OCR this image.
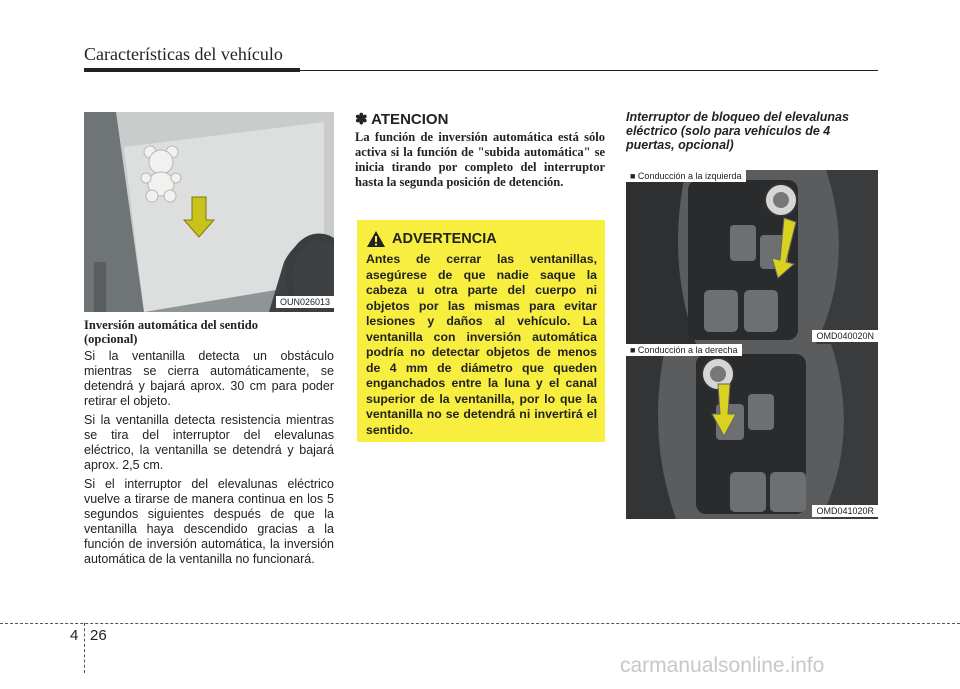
Características del vehículo
OUN026013

Inversión automática del sentido
(opcional)

Si la ventanilla detecta un obstáculo mientras se cierra automáticamente, se detendrá y bajará aprox. 30 cm para poder retirar el objeto.

Si la ventanilla detecta resistencia mientras se tira del interruptor del elevalunas eléctrico, la ventanilla se detendrá y bajará aprox. 2,5 cm.

Si el interruptor del elevalunas eléctrico vuelve a tirarse de manera continua en los 5 segundos siguientes después de que la ventanilla haya descendido gracias a la función de inversión automática, la inversión automática de la ventanilla no funcionará.

✽ ATENCION

La función de inversión automática está sólo activa si la función de "subida automática" se inicia tirando por completo del interruptor hasta la segunda posición de detención.

ADVERTENCIA

Antes de cerrar las ventanillas, asegúrese de que nadie saque la cabeza u otra parte del cuerpo ni objetos por las mismas para evitar lesiones y daños al vehículo. La ventanilla con inversión automática podría no detectar objetos de menos de 4 mm de diámetro que queden enganchados entre la luna y el canal superior de la ventanilla, por lo que la ventanilla no se detendrá ni invertirá el sentido.

Interruptor de bloqueo del elevalunas eléctrico (solo para vehículos de 4 puertas, opcional)
■ Conducción a la izquierda
OMD040020N
■ Conducción a la derecha
OMD041020R
4 26
carmanualsonline.info
